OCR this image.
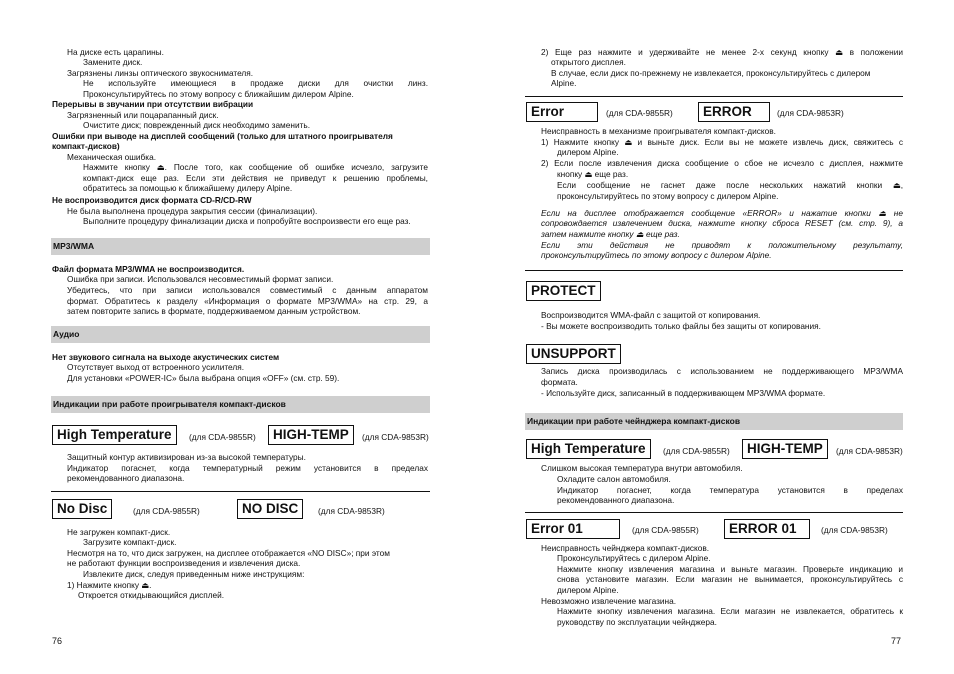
На диске есть царапины.
Замените диск.
Загрязнены линзы оптического звукоснимателя.
Не используйте имеющиеся в продаже диски для очистки линз.
Проконсультируйтесь по этому вопросу с ближайшим дилером Alpine.
Перерывы в звучании при отсутствии вибрации
Загрязненный или поцарапанный диск.
Очистите диск; поврежденный диск необходимо заменить.
Ошибки при выводе на дисплей сообщений (только для штатного проигрывателя
компакт-дисков)
Механическая ошибка.
Нажмите кнопку ⏏. После того, как сообщение об ошибке исчезло, загрузите
компакт-диск еще раз. Если эти действия не приведут к решению проблемы,
обратитесь за помощью к ближайшему дилеру Alpine.
Не воспроизводится диск формата CD-R/CD-RW
Не была выполнена процедура закрытия сессии (финализации).
Выполните процедуру финализации диска и попробуйте воспроизвести его еще раз.
MP3/WMA
Файл формата MP3/WMA не воспроизводится.
Ошибка при записи. Использовался несовместимый формат записи.
Убедитесь, что при записи использовался совместимый с данным аппаратом
формат. Обратитесь к разделу «Информация о формате MP3/WMA» на стр. 29, а
затем повторите запись в формате, поддерживаемом данным устройством.
Аудио
Нет звукового сигнала на выходе акустических систем
Отсутствует выход от встроенного усилителя.
Для установки «POWER-IC» была выбрана опция «OFF» (см. стр. 59).
Индикации при работе проигрывателя компакт-дисков
High Temperature	(для CDA-9855R)	HIGH-TEMP	(для CDA-9853R)
Защитный контур активизирован из-за высокой температуры.
Индикатор погаснет, когда температурный режим установится в пределах
рекомендованного диапазона.
No Disc	(для CDA-9855R)	NO DISC	(для CDA-9853R)
Не загружен компакт-диск.
Загрузите компакт-диск.
Несмотря на то, что диск загружен, на дисплее отображается «NO DISC»; при этом
не работают функции воспроизведения и извлечения диска.
Извлеките диск, следуя приведенным ниже инструкциям:
1) Нажмите кнопку ⏏.
Откроется откидывающийся дисплей.
76
2) Еще раз нажмите и удерживайте не менее 2-х секунд кнопку ⏏ в положении
открытого дисплея.
В случае, если диск по-прежнему не извлекается, проконсультируйтесь с дилером
Alpine.
Error	(для CDA-9855R)	ERROR	(для CDA-9853R)
Неисправность в механизме проигрывателя компакт-дисков.
1) Нажмите кнопку ⏏ и выньте диск. Если вы не можете извлечь диск, свяжитесь с
дилером Alpine.
2) Если после извлечения диска сообщение о сбое не исчезло с дисплея, нажмите
кнопку ⏏ еще раз.
Если сообщение не гаснет даже после нескольких нажатий кнопки ⏏,
проконсультируйтесь по этому вопросу с дилером Alpine.
Если на дисплее отображается сообщение «ERROR» и нажатие кнопки ⏏ не
сопровождается извлечением диска, нажмите кнопку сброса RESET (см. стр. 9), а
затем нажмите кнопку ⏏ еще раз.
Если эти действия не приводят к положительному результату,
проконсультируйтесь по этому вопросу с дилером Alpine.
PROTECT
Воспроизводится WMA-файл с защитой от копирования.
- Вы можете воспроизводить только файлы без защиты от копирования.
UNSUPPORT
Запись диска производилась с использованием не поддерживающего MP3/WMA
формата.
- Используйте диск, записанный в поддерживающем MP3/WMA формате.
Индикации при работе чейнджера компакт-дисков
High Temperature	(для CDA-9855R)	HIGH-TEMP	(для CDA-9853R)
Слишком высокая температура внутри автомобиля.
Охладите салон автомобиля.
Индикатор погаснет, когда температура установится в пределах
рекомендованного диапазона.
Error 01	(для CDA-9855R)	ERROR 01	(для CDA-9853R)
Неисправность чейнджера компакт-дисков.
Проконсультируйтесь с дилером Alpine.
Нажмите кнопку извлечения магазина и выньте магазин. Проверьте индикацию и
снова установите магазин. Если магазин не вынимается, проконсультируйтесь с
дилером Alpine.
Невозможно извлечение магазина.
Нажмите кнопку извлечения магазина. Если магазин не извлекается, обратитесь к
руководству по эксплуатации чейнджера.
77
